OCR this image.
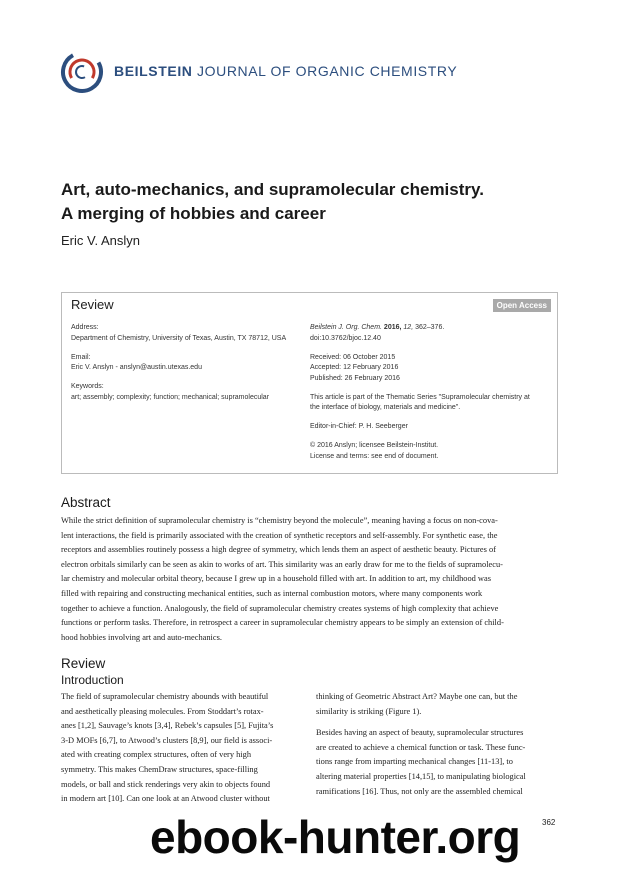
BEILSTEIN JOURNAL OF ORGANIC CHEMISTRY
Art, auto-mechanics, and supramolecular chemistry.
A merging of hobbies and career
Eric V. Anslyn
Review	Open Access

Address:
Department of Chemistry, University of Texas, Austin, TX 78712, USA

Email:
Eric V. Anslyn - anslyn@austin.utexas.edu

Keywords:
art; assembly; complexity; function; mechanical; supramolecular

Beilstein J. Org. Chem. 2016, 12, 362–376.
doi:10.3762/bjoc.12.40

Received: 06 October 2015
Accepted: 12 February 2016
Published: 26 February 2016

This article is part of the Thematic Series "Supramolecular chemistry at
the interface of biology, materials and medicine".

Editor-in-Chief: P. H. Seeberger

© 2016 Anslyn; licensee Beilstein-Institut.
License and terms: see end of document.

Abstract
While the strict definition of supramolecular chemistry is “chemistry beyond the molecule”, meaning having a focus on non-cova-
lent interactions, the field is primarily associated with the creation of synthetic receptors and self-assembly. For synthetic ease, the
receptors and assemblies routinely possess a high degree of symmetry, which lends them an aspect of aesthetic beauty. Pictures of
electron orbitals similarly can be seen as akin to works of art. This similarity was an early draw for me to the fields of supramolecu-
lar chemistry and molecular orbital theory, because I grew up in a household filled with art. In addition to art, my childhood was
filled with repairing and constructing mechanical entities, such as internal combustion motors, where many components work
together to achieve a function. Analogously, the field of supramolecular chemistry creates systems of high complexity that achieve
functions or perform tasks. Therefore, in retrospect a career in supramolecular chemistry appears to be simply an extension of child-
hood hobbies involving art and auto-mechanics.
Review
Introduction

The field of supramolecular chemistry abounds with beautiful
and aesthetically pleasing molecules. From Stoddart’s rotax-
anes [1,2], Sauvage’s knots [3,4], Rebek’s capsules [5], Fujita’s
3-D MOFs [6,7], to Atwood’s clusters [8,9], our field is associ-
ated with creating complex structures, often of very high
symmetry. This makes ChemDraw structures, space-filling
models, or ball and stick renderings very akin to objects found
in modern art [10]. Can one look at an Atwood cluster without

thinking of Geometric Abstract Art? Maybe one can, but the
similarity is striking (Figure 1).

Besides having an aspect of beauty, supramolecular structures
are created to achieve a chemical function or task. These func-
tions range from imparting mechanical changes [11-13], to
altering material properties [14,15], to manipulating biological
ramifications [16]. Thus, not only are the assembled chemical

362
ebook-hunter.org
